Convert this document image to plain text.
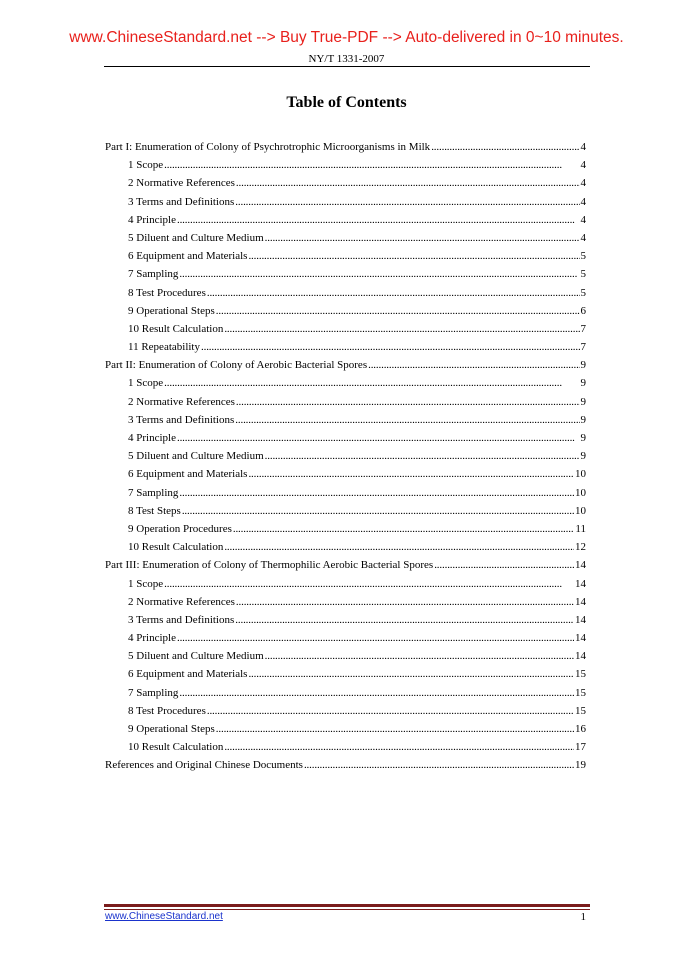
www.ChineseStandard.net --> Buy True-PDF --> Auto-delivered in 0~10 minutes.
NY/T 1331-2007
Table of Contents
Part I: Enumeration of Colony of Psychrotrophic Microorganisms in Milk . . .	4
1 Scope . . .	4
2 Normative References . . .	4
3 Terms and Definitions . . .	4
4 Principle . . .	4
5 Diluent and Culture Medium . . .	4
6 Equipment and Materials . . .	5
7 Sampling . . .	5
8 Test Procedures . . .	5
9 Operational Steps . . .	6
10 Result Calculation . . .	7
11 Repeatability . . .	7
Part II: Enumeration of Colony of Aerobic Bacterial Spores . . .	9
1 Scope . . .	9
2 Normative References . . .	9
3 Terms and Definitions . . .	9
4 Principle . . .	9
5 Diluent and Culture Medium . . .	9
6 Equipment and Materials . . .	10
7 Sampling . . .	10
8 Test Steps . . .	10
9 Operation Procedures . . .	11
10 Result Calculation . . .	12
Part III: Enumeration of Colony of Thermophilic Aerobic Bacterial Spores . . .	14
1 Scope . . .	14
2 Normative References . . .	14
3 Terms and Definitions . . .	14
4 Principle . . .	14
5 Diluent and Culture Medium . . .	14
6 Equipment and Materials . . .	15
7 Sampling . . .	15
8 Test Procedures . . .	15
9 Operational Steps . . .	16
10 Result Calculation . . .	17
References and Original Chinese Documents . . .	19
www.ChineseStandard.net	1
